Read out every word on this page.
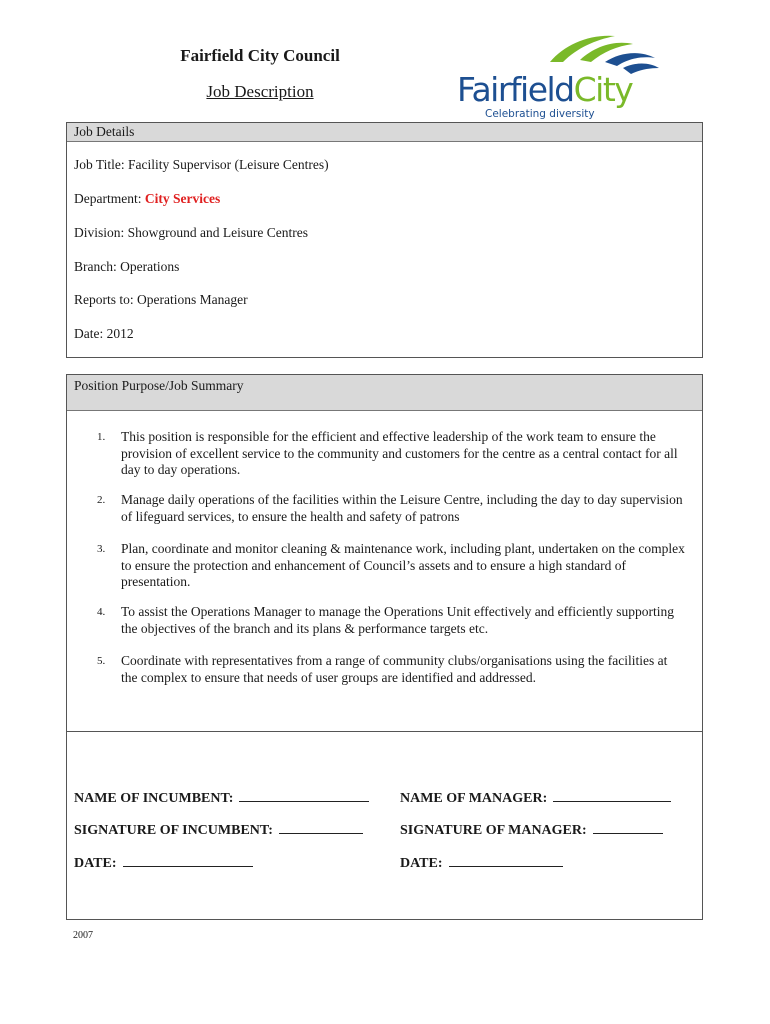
Fairfield City Council
Job Description	FairfieldCity
Celebrating diversity
Job Details
Job Title: Facility Supervisor (Leisure Centres)
Department: City Services
Division: Showground and Leisure Centres
Branch: Operations
Reports to: Operations Manager
Date: 2012
Position Purpose/Job Summary
1. This position is responsible for the efficient and effective leadership of the work team to ensure the provision of excellent service to the community and customers for the centre as a central contact for all day to day operations.
2. Manage daily operations of the facilities within the Leisure Centre, including the day to day supervision of lifeguard services, to ensure the health and safety of patrons
3. Plan, coordinate and monitor cleaning & maintenance work, including plant, undertaken on the complex to ensure the protection and enhancement of Council’s assets and to ensure a high standard of presentation.
4. To assist the Operations Manager to manage the Operations Unit effectively and efficiently supporting the objectives of the branch and its plans & performance targets etc.
5. Coordinate with representatives from a range of community clubs/organisations using the facilities at the complex to ensure that needs of user groups are identified and addressed.
NAME OF INCUMBENT:	NAME OF MANAGER:
SIGNATURE OF INCUMBENT:	SIGNATURE OF MANAGER:
DATE:	DATE:
2007
